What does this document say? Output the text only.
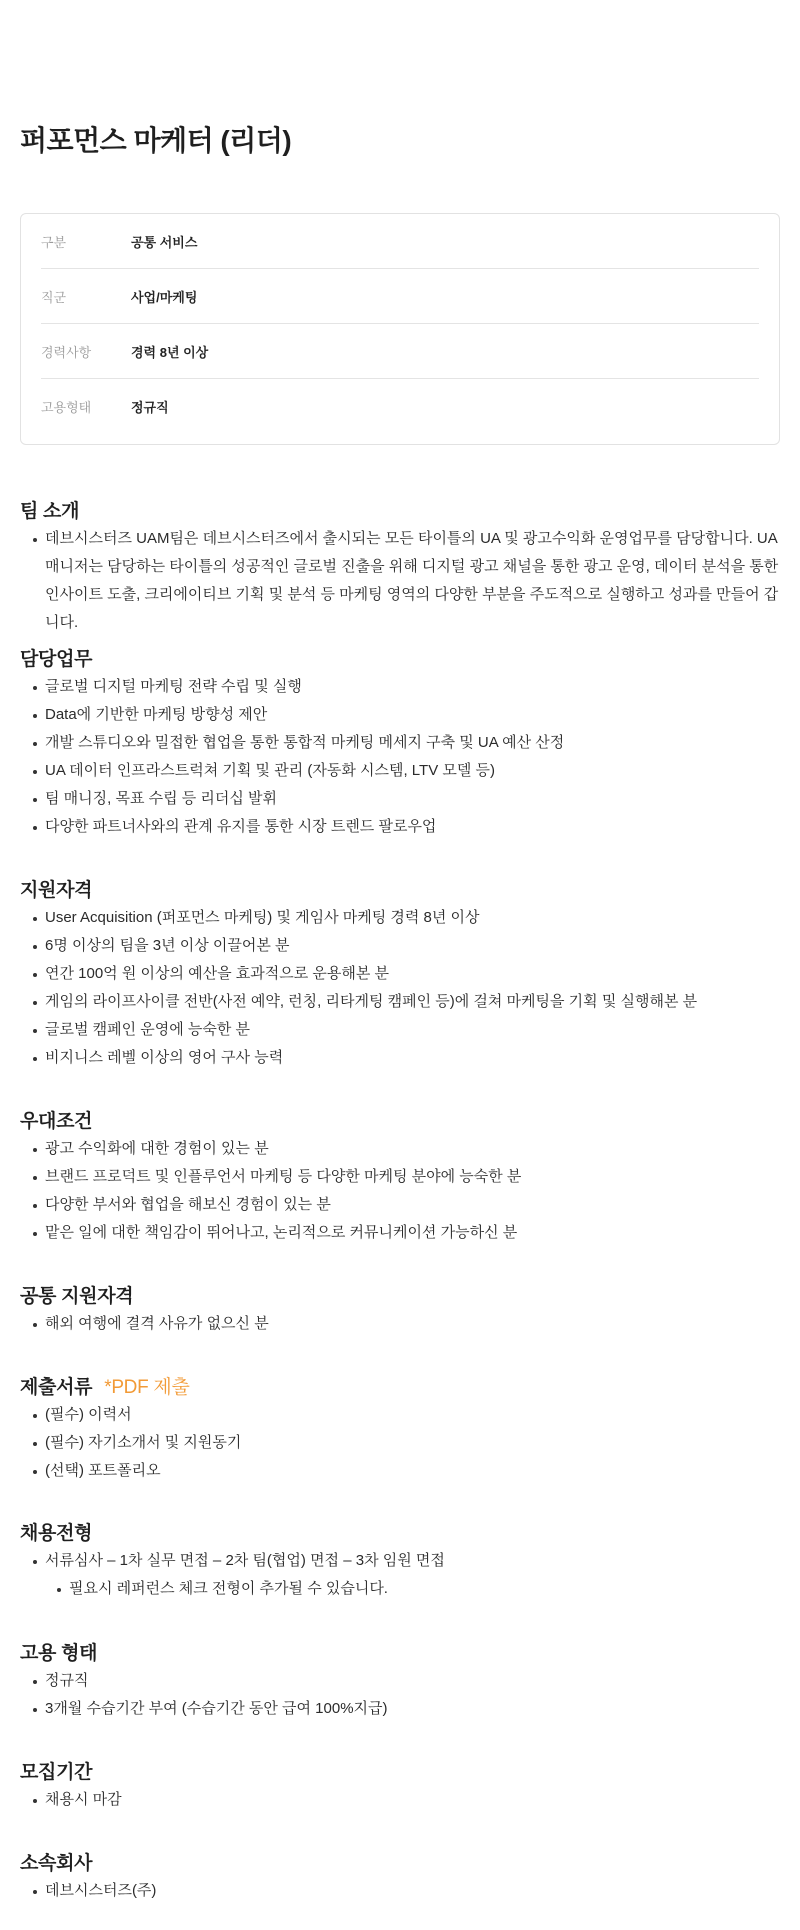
퍼포먼스 마케터 (리더)
구분	공통 서비스
직군	사업/마케팅
경력사항	경력 8년 이상
고용형태	정규직
팀 소개
데브시스터즈 UAM팀은 데브시스터즈에서 출시되는 모든 타이틀의 UA 및 광고수익화 운영업무를 담당합니다. UA 매니저는 담당하는 타이틀의 성공적인 글로벌 진출을 위해 디지털 광고 채널을 통한 광고 운영, 데이터 분석을 통한 인사이트 도출, 크리에이티브 기획 및 분석 등 마케팅 영역의 다양한 부분을 주도적으로 실행하고 성과를 만들어 갑니다.
담당업무
글로벌 디지털 마케팅 전략 수립 및 실행
Data에 기반한 마케팅 방향성 제안
개발 스튜디오와 밀접한 협업을 통한 통합적 마케팅 메세지 구축 및 UA 예산 산정
UA 데이터 인프라스트럭쳐 기획 및 관리 (자동화 시스템, LTV 모델 등)
팀 매니징, 목표 수립 등 리더십 발휘
다양한 파트너사와의 관계 유지를 통한 시장 트렌드 팔로우업
지원자격
User Acquisition (퍼포먼스 마케팅) 및 게임사 마케팅 경력 8년 이상
6명 이상의 팀을 3년 이상 이끌어본 분
연간 100억 원 이상의 예산을 효과적으로 운용해본 분
게임의 라이프사이클 전반(사전 예약, 런칭, 리타게팅 캠페인 등)에 걸쳐 마케팅을 기획 및 실행해본 분
글로벌 캠페인 운영에 능숙한 분
비지니스 레벨 이상의 영어 구사 능력
우대조건
광고 수익화에 대한 경험이 있는 분
브랜드 프로덕트 및 인플루언서 마케팅 등 다양한 마케팅 분야에 능숙한 분
다양한 부서와 협업을 해보신 경험이 있는 분
맡은 일에 대한 책임감이 뛰어나고, 논리적으로 커뮤니케이션 가능하신 분
공통 지원자격
해외 여행에 결격 사유가 없으신 분
제출서류 *PDF 제출
(필수) 이력서
(필수) 자기소개서 및 지원동기
(선택) 포트폴리오
채용전형
서류심사 – 1차 실무 면접 – 2차 팀(협업) 면접 – 3차 임원 면접
필요시 레퍼런스 체크 전형이 추가될 수 있습니다.
고용 형태
정규직
3개월 수습기간 부여 (수습기간 동안 급여 100%지급)
모집기간
채용시 마감
소속회사
데브시스터즈(주)
